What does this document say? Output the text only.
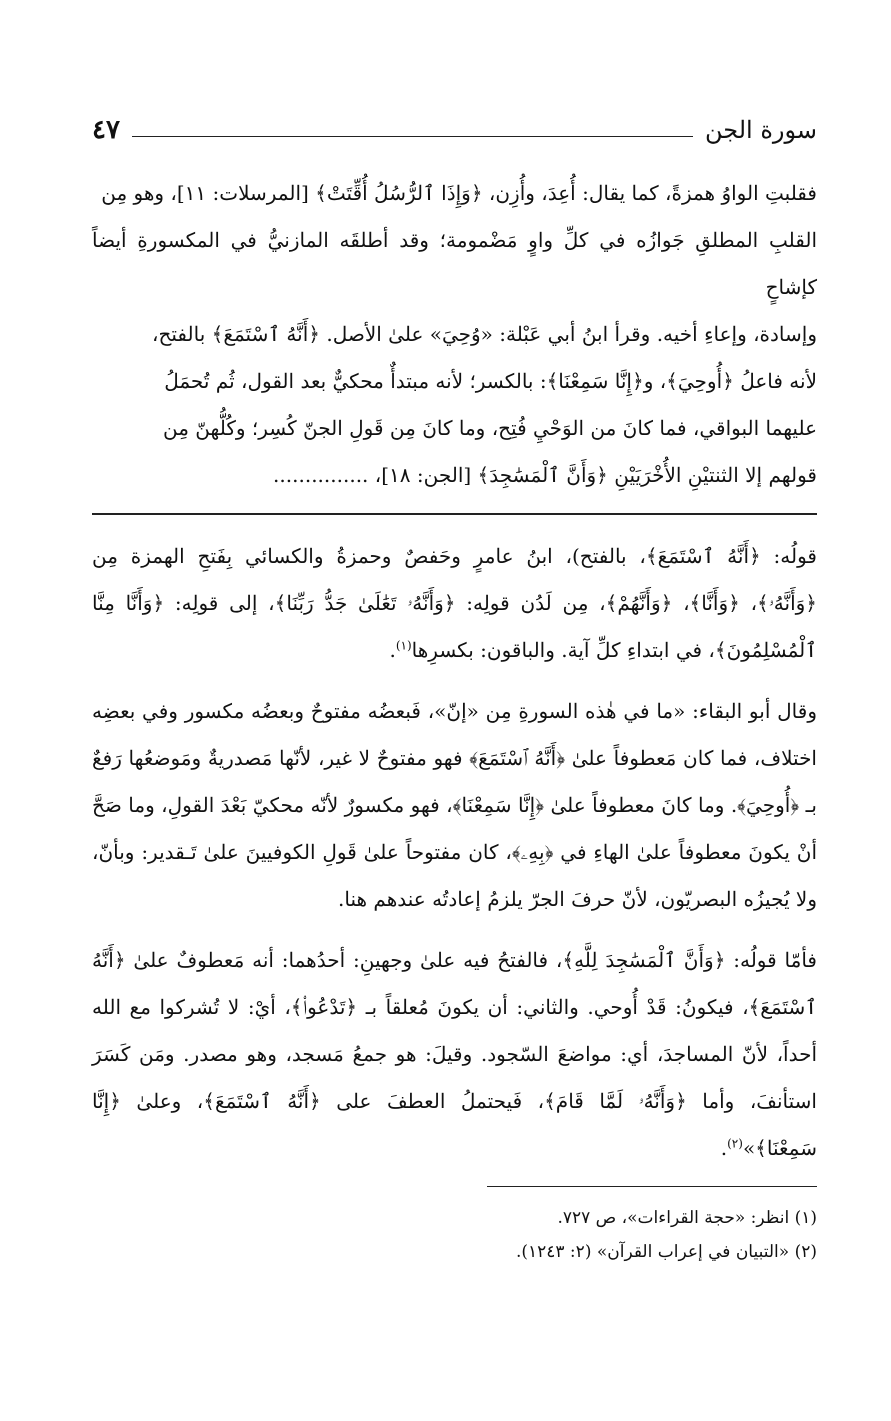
سورة الجن
٤٧

فقلبتِ الواوُ همزةً، كما يقال: أُعِدَ، وأُزِن، ﴿وَإِذَا ٱلرُّسُلُ أُقِّتَتْ﴾ [المرسلات: ١١]، وهو مِن

القلبِ المطلقِ جَوازُه في كلِّ واوٍ مَضْمومة؛ وقد أطلقَه المازنيُّ في المكسورةِ أيضاً كإشاحٍ

وإسادة، وإعاءِ أخيه. وقرأ ابنُ أبي عَبْلة: «وُحِيَ» علىٰ الأصل. ﴿أَنَّهُ ٱسْتَمَعَ﴾ بالفتح،

لأنه فاعلُ ﴿أُوحِيَ﴾، و﴿إِنَّا سَمِعْنَا﴾: بالكسر؛ لأنه مبتدأٌ محكيٌّ بعد القول، ثُم تُحمَلُ

عليهما البواقي، فما كانَ من الوَحْيِ فُتِح، وما كانَ مِن قَولِ الجنّ كُسِر؛ وكُلُّهنّ مِن

قولهم إلا الثنتيْنِ الأُخْرَيَيْنِ ﴿وَأَنَّ ٱلْمَسَٰجِدَ﴾ [الجن: ١٨]، ...............

قولُه: ﴿أَنَّهُ ٱسْتَمَعَ﴾، بالفتح)، ابنُ عامرٍ وحَفصٌ وحمزةُ والكسائي بِفَتحِ الهمزة مِن ﴿وَأَنَّهُۥ﴾، ﴿وَأَنَّا﴾، ﴿وَأَنَّهُمْ﴾، مِن لَدُن قولِه: ﴿وَأَنَّهُۥ تَعَٰلَىٰ جَدُّ رَبِّنَا﴾، إلى قولِه: ﴿وَأَنَّا مِنَّا ٱلْمُسْلِمُونَ﴾، في ابتداءِ كلِّ آية. والباقون: بكسرِها$^{(١)}$.

وقال أبو البقاء: «ما في هٰذه السورةِ مِن «إنّ»، فَبعضُه مفتوحٌ وبعضُه مكسور وفي بعضِه اختلاف، فما كان مَعطوفاً علىٰ ﴿أَنَّهُ ٱسْتَمَعَ﴾ فهو مفتوحٌ لا غير، لأنّها مَصدريةٌ ومَوضعُها رَفعٌ بـ ﴿أُوحِيَ﴾. وما كانَ معطوفاً علىٰ ﴿إِنَّا سَمِعْنَا﴾، فهو مكسورٌ لأنّه محكيّ بَعْدَ القولِ، وما صَحَّ أنْ يكونَ معطوفاً علىٰ الهاءِ في ﴿بِهِۦ﴾، كان مفتوحاً علىٰ قَولِ الكوفيينَ علىٰ تَـقدير: وبأنّ، ولا يُجيزُه البصريّون، لأنّ حرفَ الجرّ يلزمُ إعادتُه عندهم هنا.

فأمّا قولُه: ﴿وَأَنَّ ٱلْمَسَٰجِدَ لِلَّهِ﴾، فالفتحُ فيه علىٰ وجهينِ: أحدُهما: أنه مَعطوفٌ علىٰ ﴿أَنَّهُ ٱسْتَمَعَ﴾، فيكونُ: قَدْ أُوحي. والثاني: أن يكونَ مُعلقاً بـ ﴿تَدْعُوا۟﴾، أيْ: لا تُشركوا مع الله أحداً، لأنّ المساجدَ، أي: مواضعَ السّجود. وقيلَ: هو جمعُ مَسجد، وهو مصدر. ومَن كَسَرَ استأنفَ، وأما ﴿وَأَنَّهُۥ لَمَّا قَامَ﴾، فَيحتملُ العطفَ على ﴿أَنَّهُ ٱسْتَمَعَ﴾، وعلىٰ ﴿إِنَّا سَمِعْنَا﴾»$^{(٢)}$.

(١) انظر: «حجة القراءات»، ص ٧٢٧.

(٢) «التبيان في إعراب القرآن» (٢: ١٢٤٣).
